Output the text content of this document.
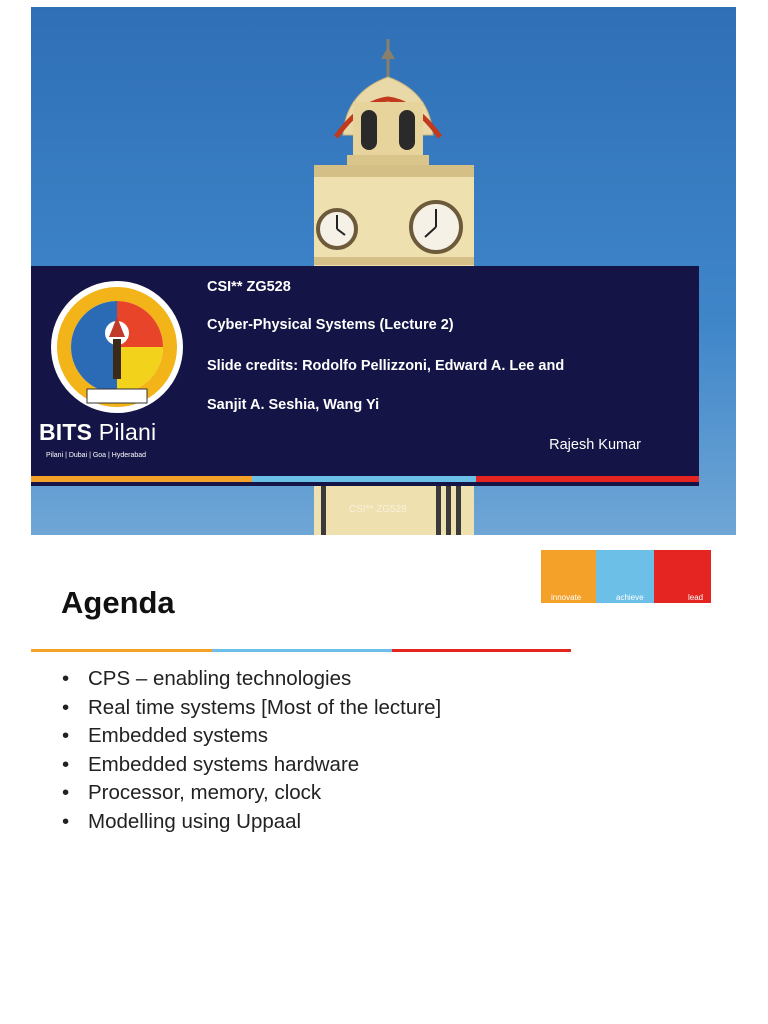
BITS Pilani
Pilani | Dubai | Goa | Hyderabad
CSI** ZG528
Cyber-Physical Systems (Lecture 2)
Slide credits: Rodolfo Pellizzoni, Edward A. Lee and
Sanjit A. Seshia, Wang Yi
Rajesh Kumar
CSI** ZG528
innovate	achieve	lead
Agenda
• CPS – enabling technologies
• Real time systems [Most of the lecture]
• Embedded systems
• Embedded systems hardware
• Processor, memory, clock
• Modelling using Uppaal
